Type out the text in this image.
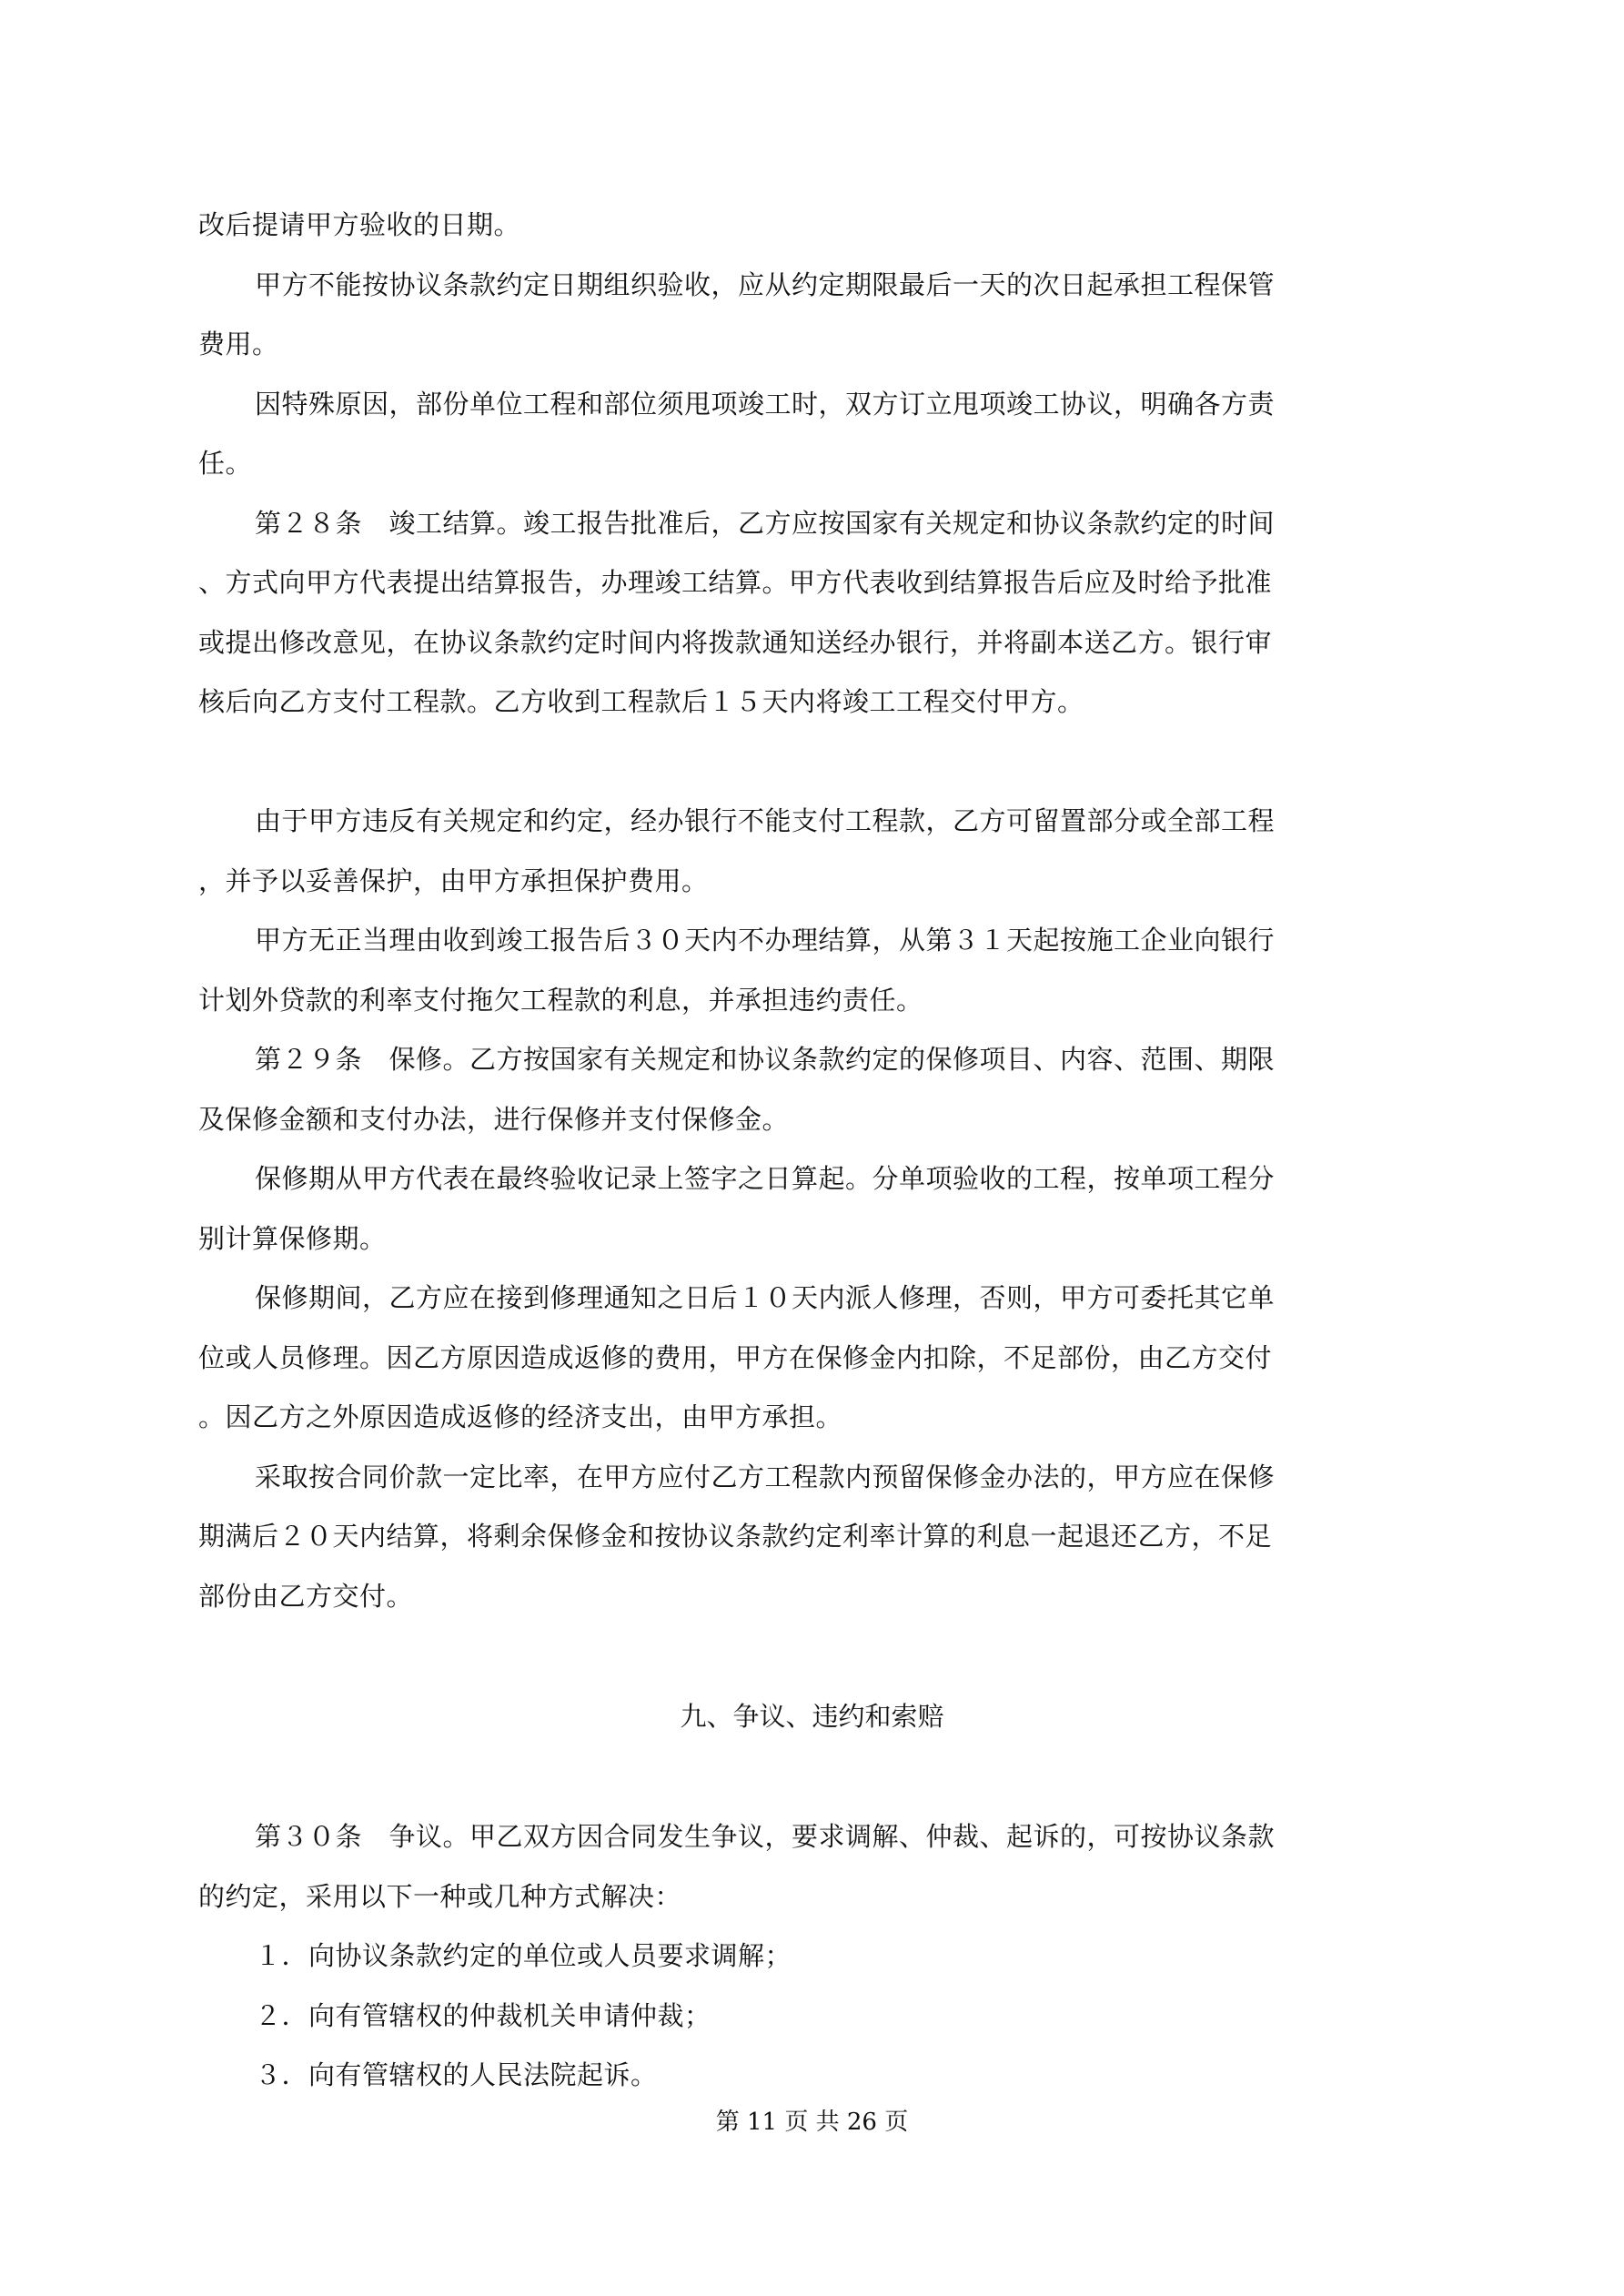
改后提请甲方验收的日期。
甲方不能按协议条款约定日期组织验收，应从约定期限最后一天的次日起承担工程保管
费用。
因特殊原因，部份单位工程和部位须甩项竣工时，双方订立甩项竣工协议，明确各方责
任。
第２８条　竣工结算。竣工报告批准后，乙方应按国家有关规定和协议条款约定的时间
、方式向甲方代表提出结算报告，办理竣工结算。甲方代表收到结算报告后应及时给予批准
或提出修改意见，在协议条款约定时间内将拨款通知送经办银行，并将副本送乙方。银行审
核后向乙方支付工程款。乙方收到工程款后１５天内将竣工工程交付甲方。
由于甲方违反有关规定和约定，经办银行不能支付工程款，乙方可留置部分或全部工程
，并予以妥善保护，由甲方承担保护费用。
甲方无正当理由收到竣工报告后３０天内不办理结算，从第３１天起按施工企业向银行
计划外贷款的利率支付拖欠工程款的利息，并承担违约责任。
第２９条　保修。乙方按国家有关规定和协议条款约定的保修项目、内容、范围、期限
及保修金额和支付办法，进行保修并支付保修金。
保修期从甲方代表在最终验收记录上签字之日算起。分单项验收的工程，按单项工程分
别计算保修期。
保修期间，乙方应在接到修理通知之日后１０天内派人修理，否则，甲方可委托其它单
位或人员修理。因乙方原因造成返修的费用，甲方在保修金内扣除，不足部份，由乙方交付
。因乙方之外原因造成返修的经济支出，由甲方承担。
采取按合同价款一定比率，在甲方应付乙方工程款内预留保修金办法的，甲方应在保修
期满后２０天内结算，将剩余保修金和按协议条款约定利率计算的利息一起退还乙方，不足
部份由乙方交付。
九、争议、违约和索赔
第３０条　争议。甲乙双方因合同发生争议，要求调解、仲裁、起诉的，可按协议条款
的约定，采用以下一种或几种方式解决：
１．向协议条款约定的单位或人员要求调解；
２．向有管辖权的仲裁机关申请仲裁；
３．向有管辖权的人民法院起诉。
第 11 页 共 26 页
